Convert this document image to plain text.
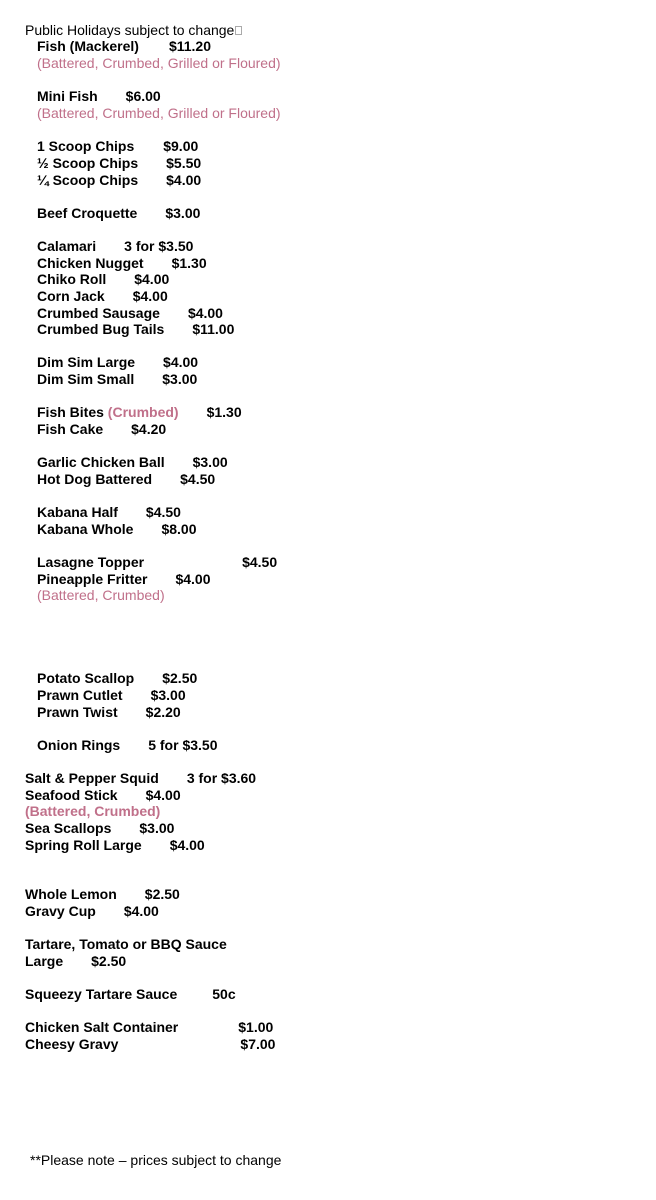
Public Holidays subject to change
Fish (Mackerel) $11.20
(Battered, Crumbed, Grilled or Floured)
Mini Fish $6.00
(Battered, Crumbed, Grilled or Floured)
1 Scoop Chips $9.00
½ Scoop Chips $5.50
¼ Scoop Chips $4.00
Beef Croquette $3.00
Calamari 3 for $3.50
Chicken Nugget $1.30
Chiko Roll $4.00
Corn Jack $4.00
Crumbed Sausage $4.00
Crumbed Bug Tails $11.00
Dim Sim Large $4.00
Dim Sim Small $3.00
Fish Bites (Crumbed) $1.30
Fish Cake $4.20
Garlic Chicken Ball $3.00
Hot Dog Battered $4.50
Kabana Half $4.50
Kabana Whole $8.00
Lasagne Topper	$4.50
Pineapple Fritter $4.00
(Battered, Crumbed)
Potato Scallop $2.50
Prawn Cutlet $3.00
Prawn Twist $2.20
Onion Rings 5 for $3.50
Salt & Pepper Squid 3 for $3.60
Seafood Stick $4.00
(Battered, Crumbed)
Sea Scallops $3.00
Spring Roll Large $4.00
Whole Lemon $2.50
Gravy Cup $4.00
Tartare, Tomato or BBQ Sauce
Large $2.50
Squeezy Tartare Sauce	50c
Chicken Salt Container	$1.00
Cheesy Gravy	$7.00
**Please note – prices subject to change
